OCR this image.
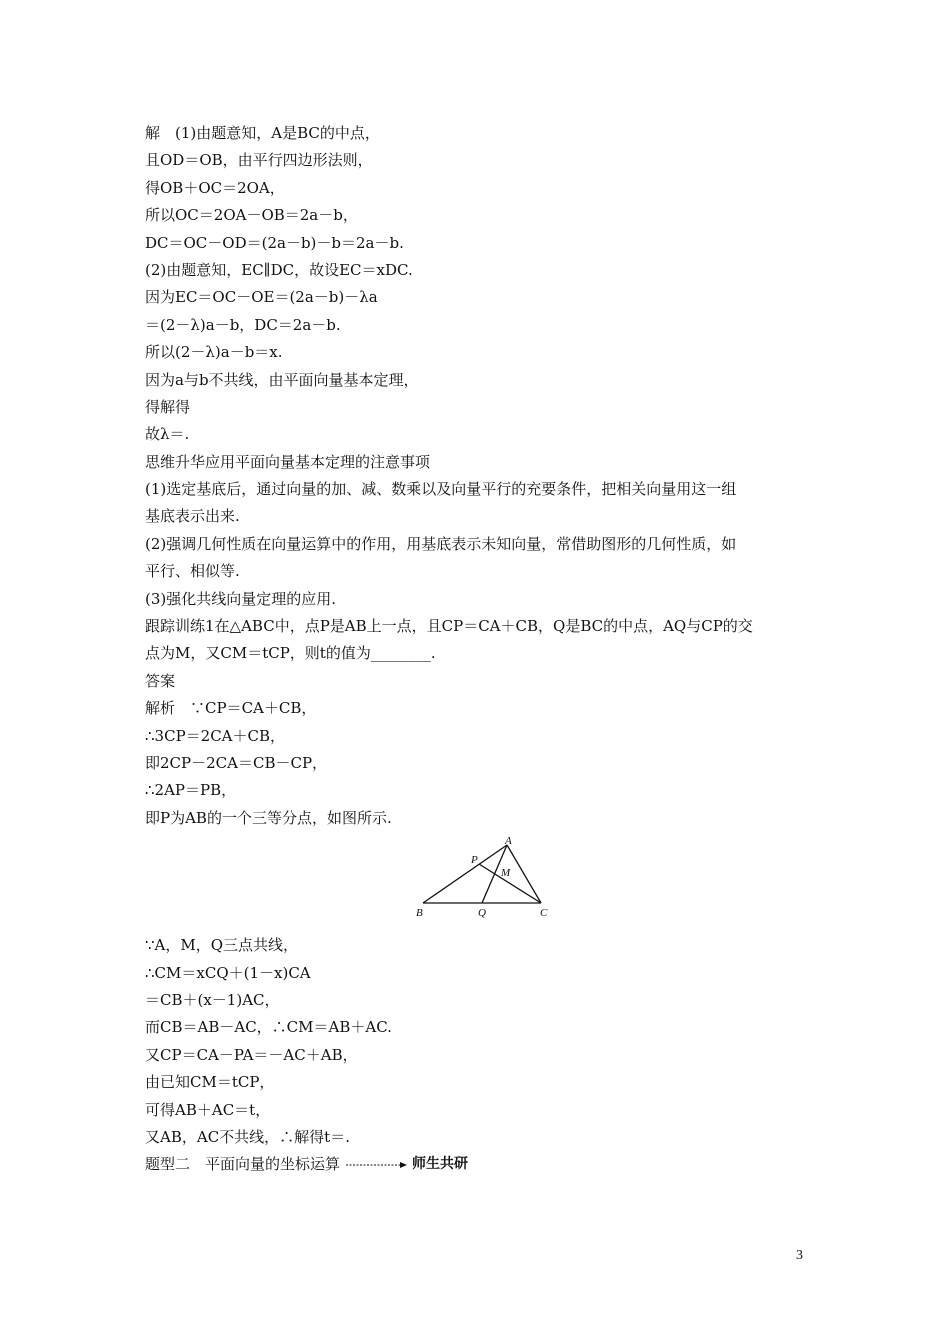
解　(1)由题意知，A是BC的中点，
且OD＝OB，由平行四边形法则，
得OB＋OC＝2OA，
所以OC＝2OA－OB＝2a－b，
DC＝OC－OD＝(2a－b)－b＝2a－b.
(2)由题意知，EC∥DC，故设EC＝xDC.
因为EC＝OC－OE＝(2a－b)－λa
＝(2－λ)a－b，DC＝2a－b.
所以(2－λ)a－b＝x.
因为a与b不共线，由平面向量基本定理，
得解得
故λ＝.
思维升华应用平面向量基本定理的注意事项
(1)选定基底后，通过向量的加、减、数乘以及向量平行的充要条件，把相关向量用这一组
基底表示出来.
(2)强调几何性质在向量运算中的作用，用基底表示未知向量，常借助图形的几何性质，如
平行、相似等.
(3)强化共线向量定理的应用.
跟踪训练1在△ABC中，点P是AB上一点，且CP＝CA＋CB，Q是BC的中点，AQ与CP的交
点为M，又CM＝tCP，则t的值为________.
答案
解析　∵CP＝CA＋CB，
∴3CP＝2CA＋CB，
即2CP－2CA＝CB－CP，
∴2AP＝PB，
即P为AB的一个三等分点，如图所示.
A
B	C
P
M
Q
∵A，M，Q三点共线，
∴CM＝xCQ＋(1－x)CA
＝CB＋(x－1)AC，
而CB＝AB－AC，∴CM＝AB＋AC.
又CP＝CA－PA＝－AC＋AB，
由已知CM＝tCP，
可得AB＋AC＝t，
又AB，AC不共线，∴解得t＝.
题型二　平面向量的坐标运算	师生共研
3
